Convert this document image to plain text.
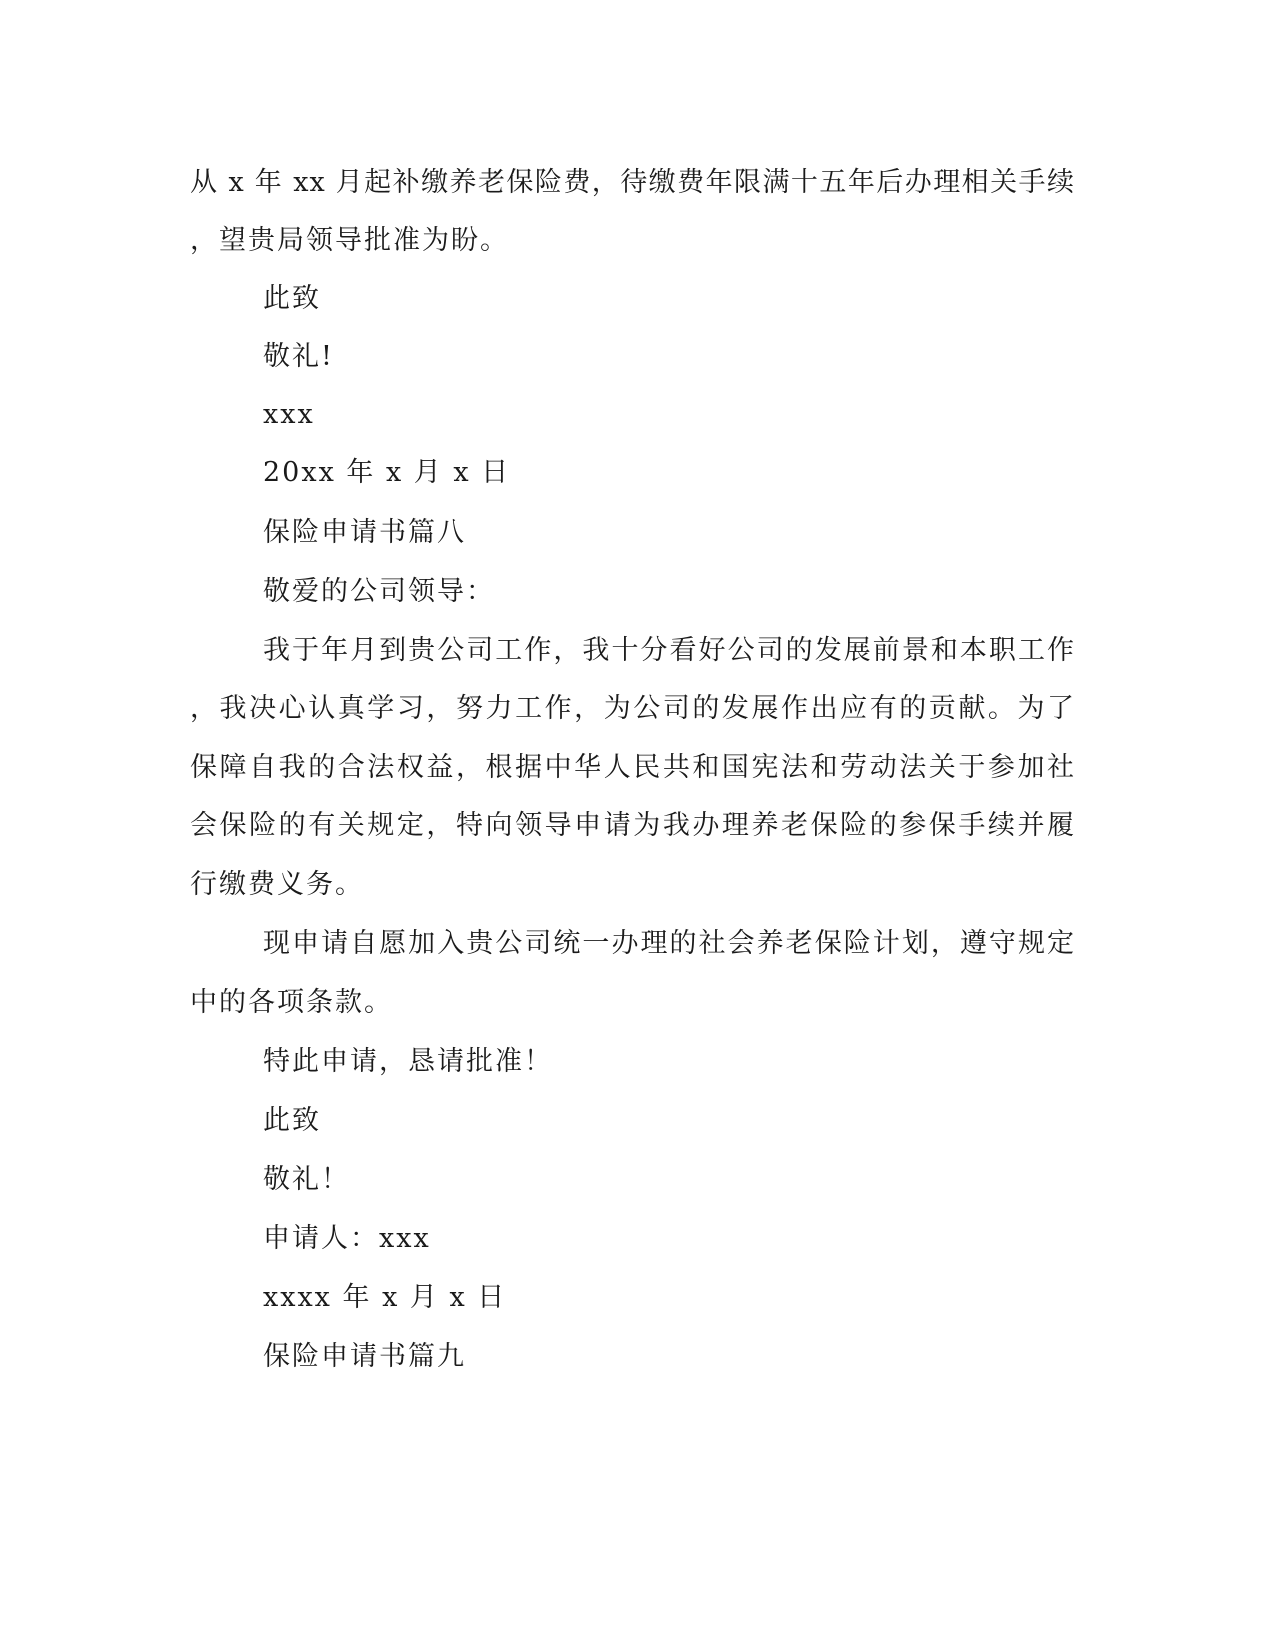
从 x 年 xx 月起补缴养老保险费，待缴费年限满十五年后办理相关手续
，望贵局领导批准为盼。
此致
敬礼!
xxx
20xx 年 x 月 x 日
保险申请书篇八
敬爱的公司领导：
我于年月到贵公司工作，我十分看好公司的发展前景和本职工作
，我决心认真学习，努力工作，为公司的发展作出应有的贡献。为了
保障自我的合法权益，根据中华人民共和国宪法和劳动法关于参加社
会保险的有关规定，特向领导申请为我办理养老保险的参保手续并履
行缴费义务。
现申请自愿加入贵公司统一办理的社会养老保险计划，遵守规定
中的各项条款。
特此申请，恳请批准！
此致
敬礼！
申请人：xxx
xxxx 年 x 月 x 日
保险申请书篇九
